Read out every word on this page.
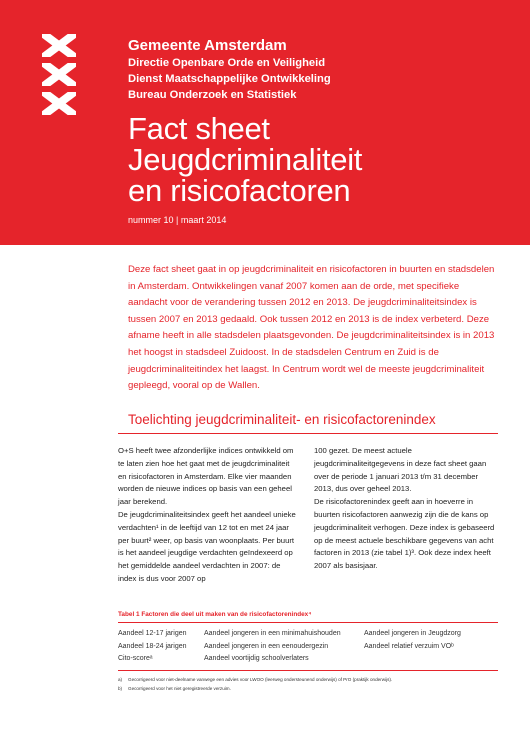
Gemeente Amsterdam
Directie Openbare Orde en Veiligheid
Dienst Maatschappelijke Ontwikkeling
Bureau Onderzoek en Statistiek
Fact sheet
Jeugdcriminaliteit
en risicofactoren
nummer 10 | maart 2014
Deze fact sheet gaat in op jeugdcriminaliteit en risicofactoren in buurten en stadsdelen in Amsterdam. Ontwikkelingen vanaf 2007 komen aan de orde, met specifieke aandacht voor de verandering tussen 2012 en 2013. De jeugdcriminaliteitsindex is tussen 2007 en 2013 gedaald. Ook tussen 2012 en 2013 is de index verbeterd. Deze afname heeft in alle stadsdelen plaatsgevonden. De jeugdcriminaliteitsindex is in 2013 het hoogst in stadsdeel Zuidoost. In de stadsdelen Centrum en Zuid is de jeugdcriminaliteitindex het laagst. In Centrum wordt wel de meeste jeugdcriminaliteit gepleegd, vooral op de Wallen.
Toelichting jeugdcriminaliteit- en risicofactorenindex

O+S heeft twee afzonderlijke indices ontwikkeld om te laten zien hoe het gaat met de jeugdcriminaliteit en risicofactoren in Amsterdam. Elke vier maanden worden de nieuwe indices op basis van een geheel jaar berekend.

De jeugdcriminaliteitsindex geeft het aandeel unieke verdachten¹ in de leeftijd van 12 tot en met 24 jaar per buurt² weer, op basis van woonplaats. Per buurt is het aandeel jeugdige verdachten geïndexeerd op het gemiddelde aandeel verdachten in 2007: de index is dus voor 2007 op

100 gezet. De meest actuele jeugdcriminaliteitgegevens in deze fact sheet gaan over de periode 1 januari 2013 t/m 31 december 2013, dus over geheel 2013.

De risicofactorenindex geeft aan in hoeverre in buurten risicofactoren aanwezig zijn die de kans op jeugdcriminaliteit verhogen. Deze index is gebaseerd op de meest actuele beschikbare gegevens van acht factoren in 2013 (zie tabel 1)³. Ook deze index heeft 2007 als basisjaar.

Tabel 1 Factoren die deel uit maken van de risicofactorenindex⁴
Aandeel 12-17 jarigen	Aandeel jongeren in een minimahuishouden	Aandeel jongeren in Jeugdzorg
Aandeel 18-24 jarigen	Aandeel jongeren in een eenoudergezin	Aandeel relatief verzuim VOᵇ
Cito-scoreᵃ	Aandeel voortijdig schoolverlaters
a) Gecorrigeerd voor niet-deelname vanwege een advies voor LWOO (leerweg ondersteunend onderwijs) of PrO (praktijk onderwijs).
b) Gecorrigeerd voor het niet geregistreerde verzuim.
